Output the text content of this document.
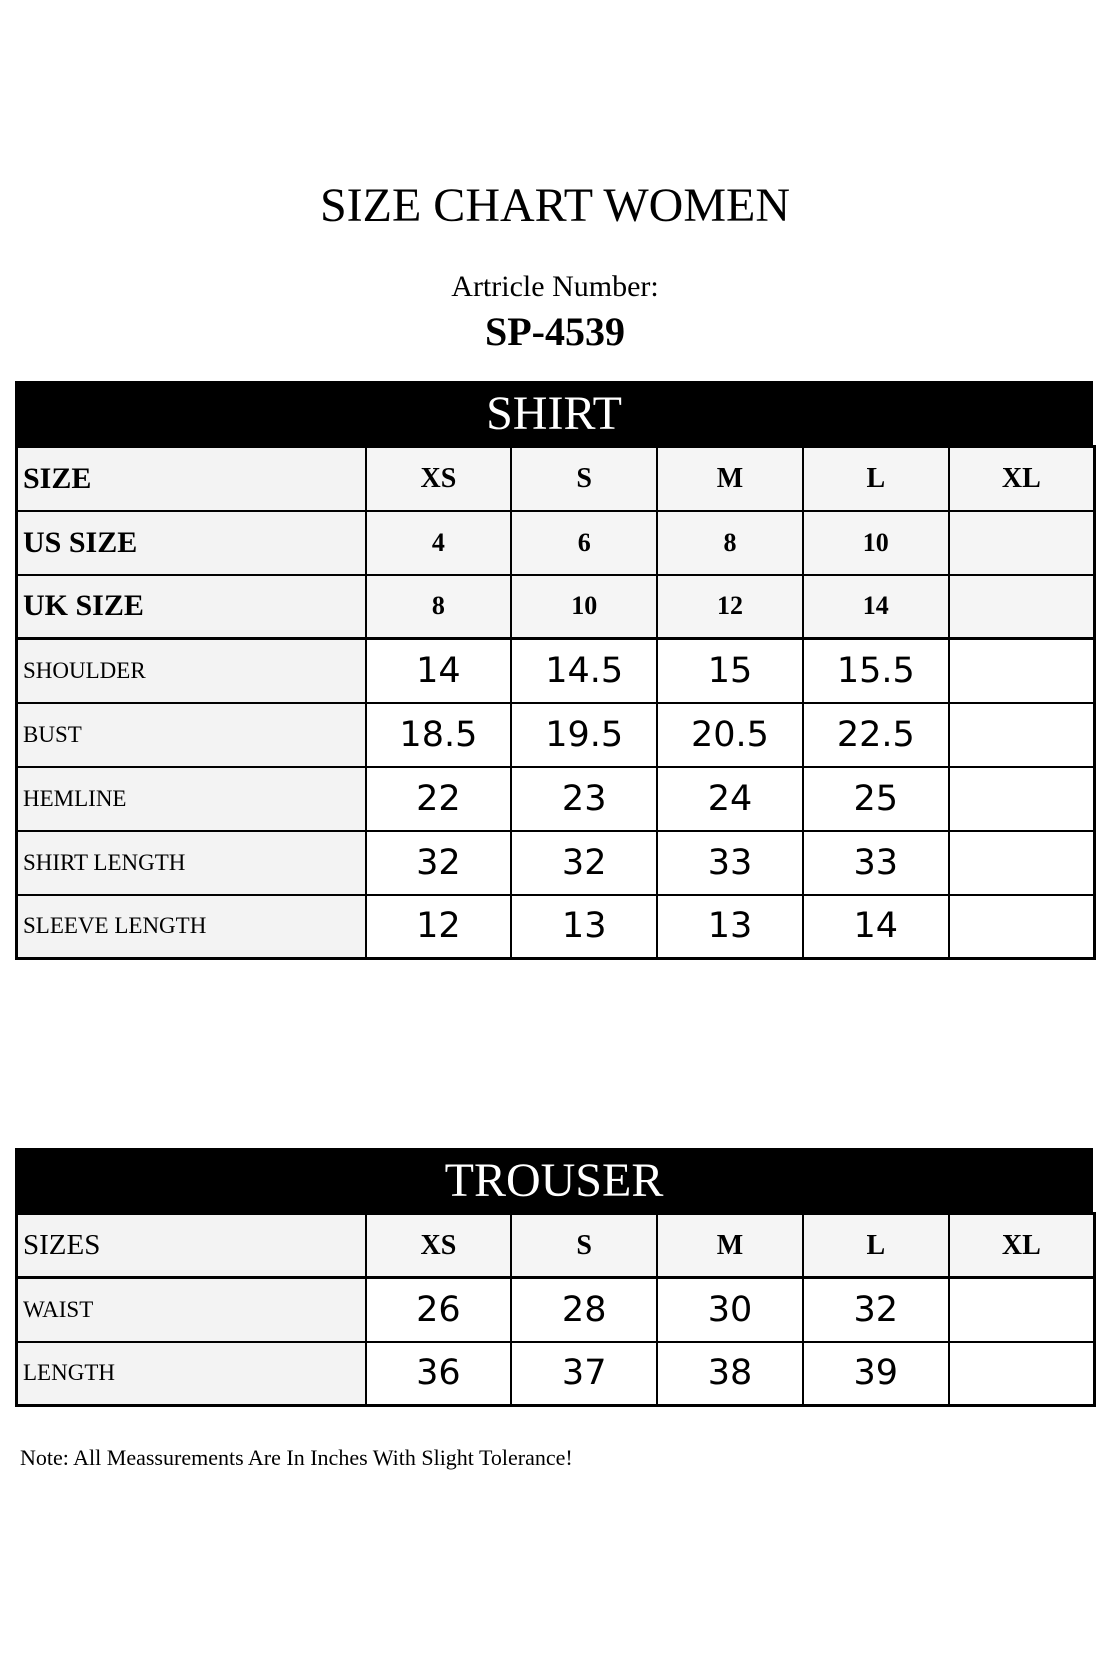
SIZE CHART WOMEN
Artricle Number:
SP-4539
SHIRT
SIZE	XS	S	M	L	XL
US SIZE	4	6	8	10	
UK SIZE	8	10	12	14	
SHOULDER	14	14.5	15	15.5	
BUST	18.5	19.5	20.5	22.5	
HEMLINE	22	23	24	25	
SHIRT LENGTH	32	32	33	33	
SLEEVE LENGTH	12	13	13	14	
TROUSER
SIZES	XS	S	M	L	XL
WAIST	26	28	30	32	
LENGTH	36	37	38	39	
Note: All Meassurements Are In Inches With Slight Tolerance!
